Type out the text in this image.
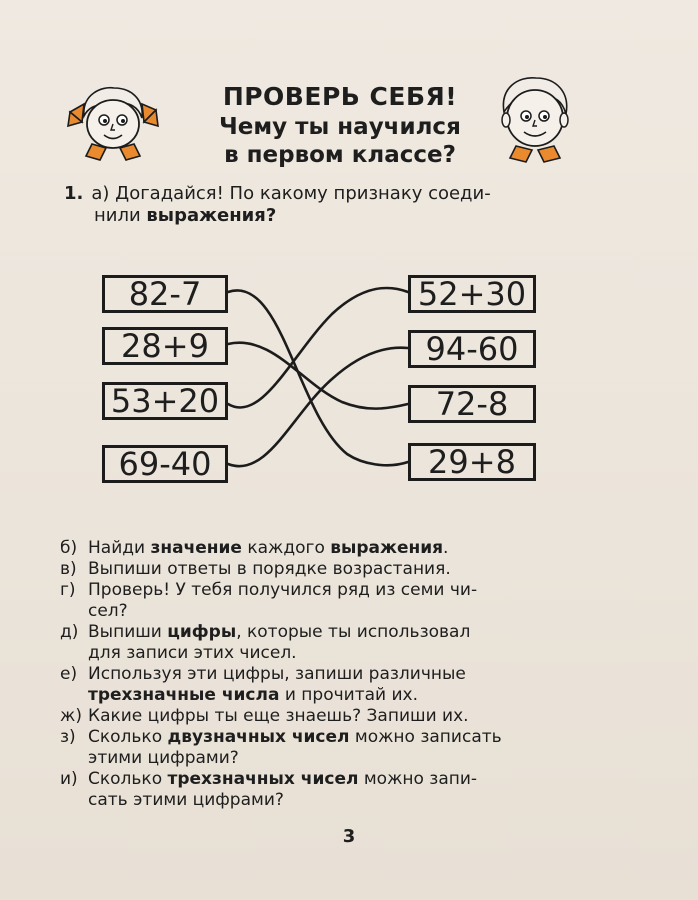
ПРОВЕРЬ СЕБЯ!
Чему ты научился
в первом классе?
1. а) Догадайся! По какому признаку соеди-
нили выражения?
82-7
28+9
53+20
69-40
52+30
94-60
72-8
29+8
б) Найди значение каждого выражения.
в) Выпиши ответы в порядке возрастания.
г) Проверь! У тебя получился ряд из семи чи-
сел?
д) Выпиши цифры, которые ты использовал
для записи этих чисел.
е) Используя эти цифры, запиши различные
трехзначные числа и прочитай их.
ж) Какие цифры ты еще знаешь? Запиши их.
з) Сколько двузначных чисел можно записать
этими цифрами?
и) Сколько трехзначных чисел можно запи-
сать этими цифрами?
3
